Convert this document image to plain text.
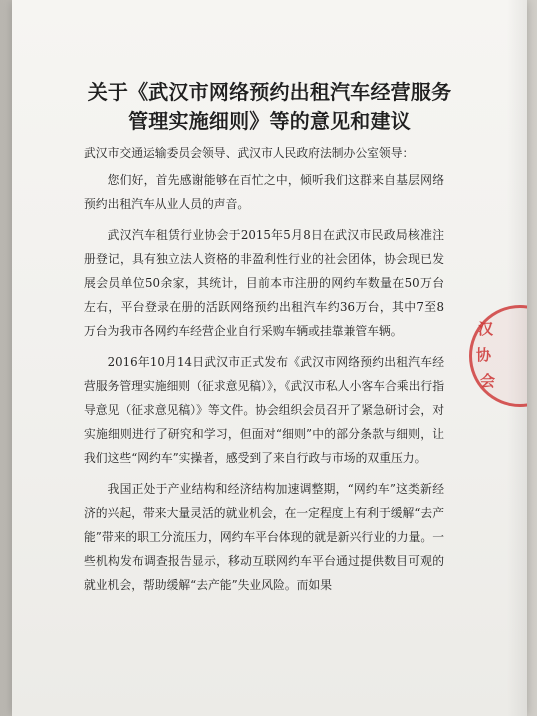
关于《武汉市网络预约出租汽车经营服务
管理实施细则》等的意见和建议

武汉市交通运输委员会领导、武汉市人民政府法制办公室领导：

您们好，首先感谢能够在百忙之中，倾听我们这群来自基层网络预约出租汽车从业人员的声音。

武汉汽车租赁行业协会于2015年5月8日在武汉市民政局核准注册登记，具有独立法人资格的非盈利性行业的社会团体，协会现已发展会员单位50余家，其统计，目前本市注册的网约车数量在50万台左右，平台登录在册的活跃网络预约出租汽车约36万台，其中7至8万台为我市各网约车经营企业自行采购车辆或挂靠兼管车辆。

2016年10月14日武汉市正式发布《武汉市网络预约出租汽车经营服务管理实施细则（征求意见稿）》，《武汉市私人小客车合乘出行指导意见（征求意见稿）》等文件。协会组织会员召开了紧急研讨会，对实施细则进行了研究和学习，但面对“细则”中的部分条款与细则，让我们这些“网约车”实操者，感受到了来自行政与市场的双重压力。

我国正处于产业结构和经济结构加速调整期，“网约车”这类新经济的兴起，带来大量灵活的就业机会，在一定程度上有利于缓解“去产能”带来的职工分流压力，网约车平台体现的就是新兴行业的力量。一些机构发布调查报告显示，移动互联网约车平台通过提供数目可观的就业机会，帮助缓解“去产能”失业风险。而如果

汉
协
会
